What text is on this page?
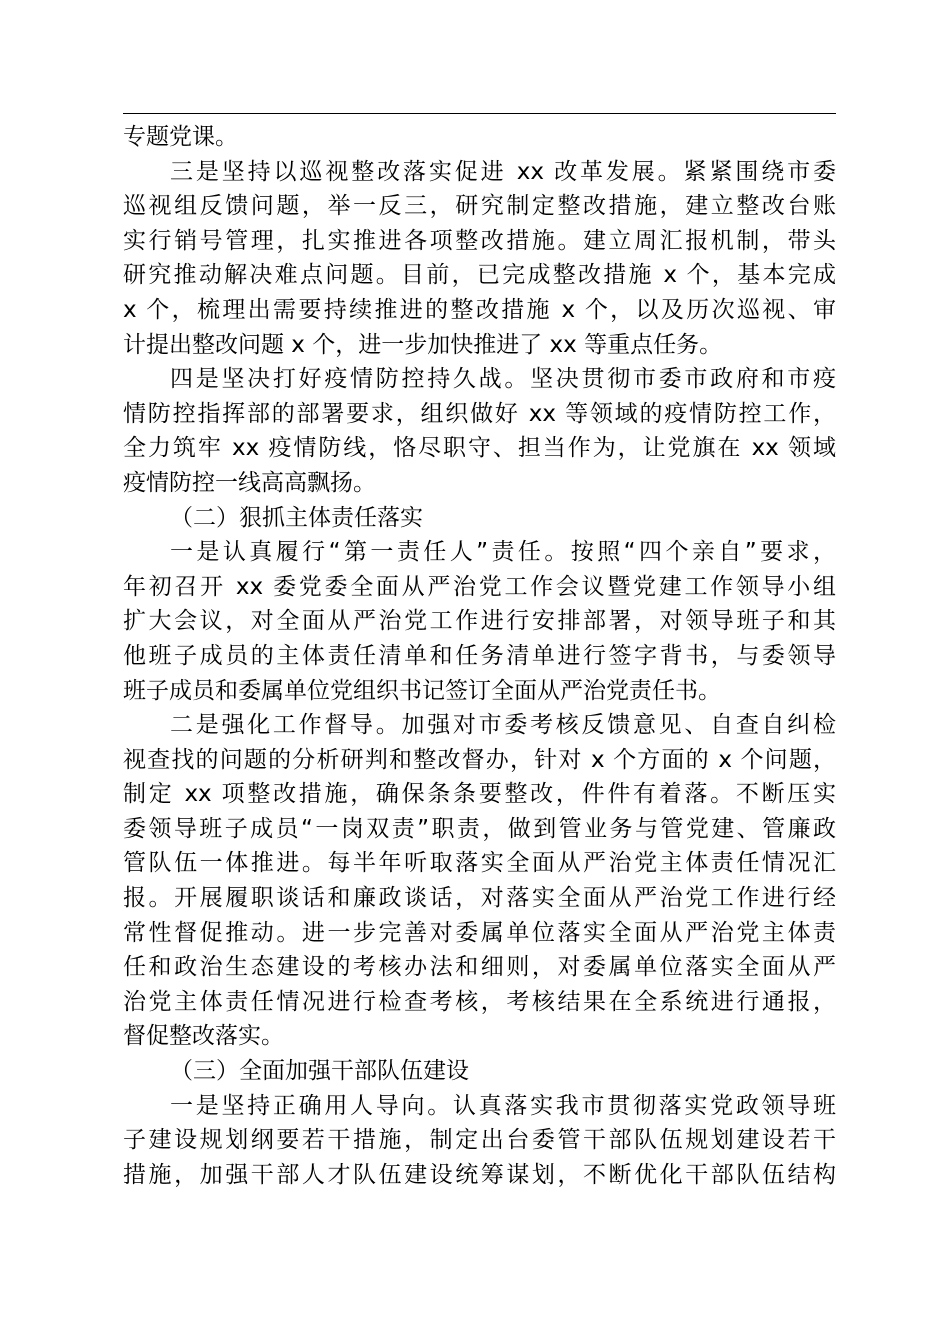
专题党课。
三是坚持以巡视整改落实促进 xx 改革发展。紧紧围绕市委
巡视组反馈问题，举一反三，研究制定整改措施，建立整改台账
实行销号管理，扎实推进各项整改措施。建立周汇报机制，带头
研究推动解决难点问题。目前，已完成整改措施 x 个，基本完成
x 个，梳理出需要持续推进的整改措施 x 个，以及历次巡视、审
计提出整改问题 x 个，进一步加快推进了 xx 等重点任务。
四是坚决打好疫情防控持久战。坚决贯彻市委市政府和市疫
情防控指挥部的部署要求，组织做好 xx 等领域的疫情防控工作，
全力筑牢 xx 疫情防线，恪尽职守、担当作为，让党旗在 xx 领域
疫情防控一线高高飘扬。
（二）狠抓主体责任落实
一是认真履行“第一责任人”责任。按照“四个亲自”要求，
年初召开 xx 委党委全面从严治党工作会议暨党建工作领导小组
扩大会议，对全面从严治党工作进行安排部署，对领导班子和其
他班子成员的主体责任清单和任务清单进行签字背书，与委领导
班子成员和委属单位党组织书记签订全面从严治党责任书。
二是强化工作督导。加强对市委考核反馈意见、自查自纠检
视查找的问题的分析研判和整改督办，针对 x 个方面的 x 个问题，
制定 xx 项整改措施，确保条条要整改，件件有着落。不断压实
委领导班子成员“一岗双责”职责，做到管业务与管党建、管廉政
管队伍一体推进。每半年听取落实全面从严治党主体责任情况汇
报。开展履职谈话和廉政谈话，对落实全面从严治党工作进行经
常性督促推动。进一步完善对委属单位落实全面从严治党主体责
任和政治生态建设的考核办法和细则，对委属单位落实全面从严
治党主体责任情况进行检查考核，考核结果在全系统进行通报，
督促整改落实。
（三）全面加强干部队伍建设
一是坚持正确用人导向。认真落实我市贯彻落实党政领导班
子建设规划纲要若干措施，制定出台委管干部队伍规划建设若干
措施，加强干部人才队伍建设统筹谋划，不断优化干部队伍结构
